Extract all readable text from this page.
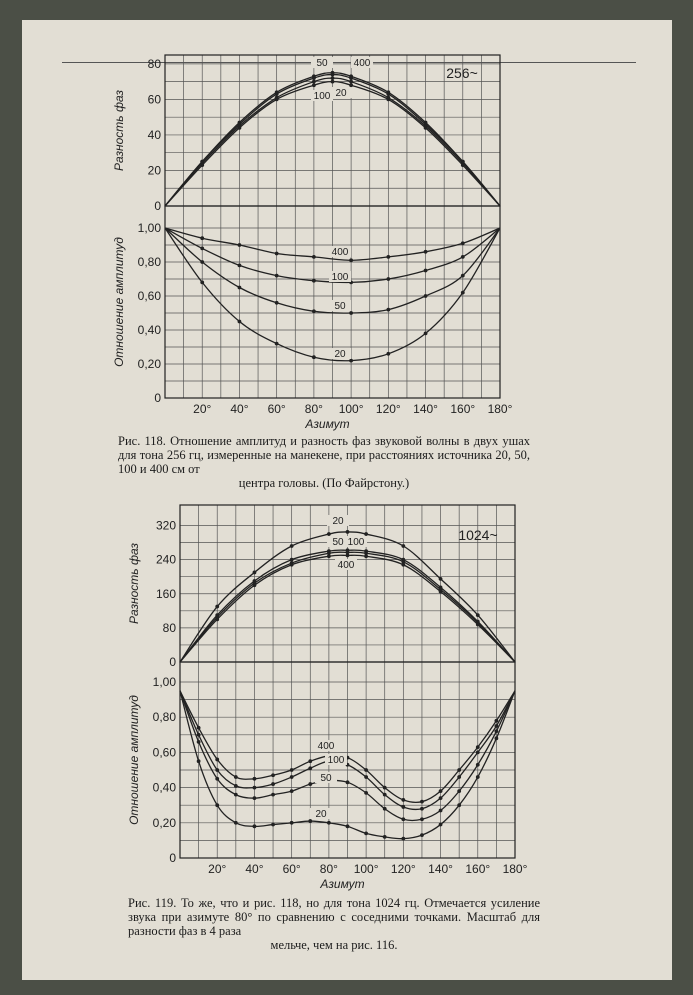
0
20
40
60
80
Разность фаз
256~
20
50
100
400
0
0,20
0,40
0,60
0,80
1,00
Отношение амплитуд
20° 40° 60° 80° 100° 120° 140° 160° 180°
Азимут
400
100
50
20
0
80
160
240
320
Разность фаз
1024~
20
50 100
400
0
0,20
0,40
0,60
0,80
1,00
Отношение амплитуд
20° 40° 60° 80° 100° 120° 140° 160° 180°
Азимут
400
100
50
20
Рис. 118. Отношение амплитуд и разность фаз звуковой волны в двух ушах для тона 256 гц, измеренные на манекене, при расстояниях источника 20, 50, 100 и 400 см от
центра головы. (По Файрстону.)
Рис. 119. То же, что и рис. 118, но для тона 1024 гц. Отмечается усиление звука при азимуте 80° по сравнению с соседними точками. Масштаб для разности фаз в 4 раза
мельче, чем на рис. 116.
